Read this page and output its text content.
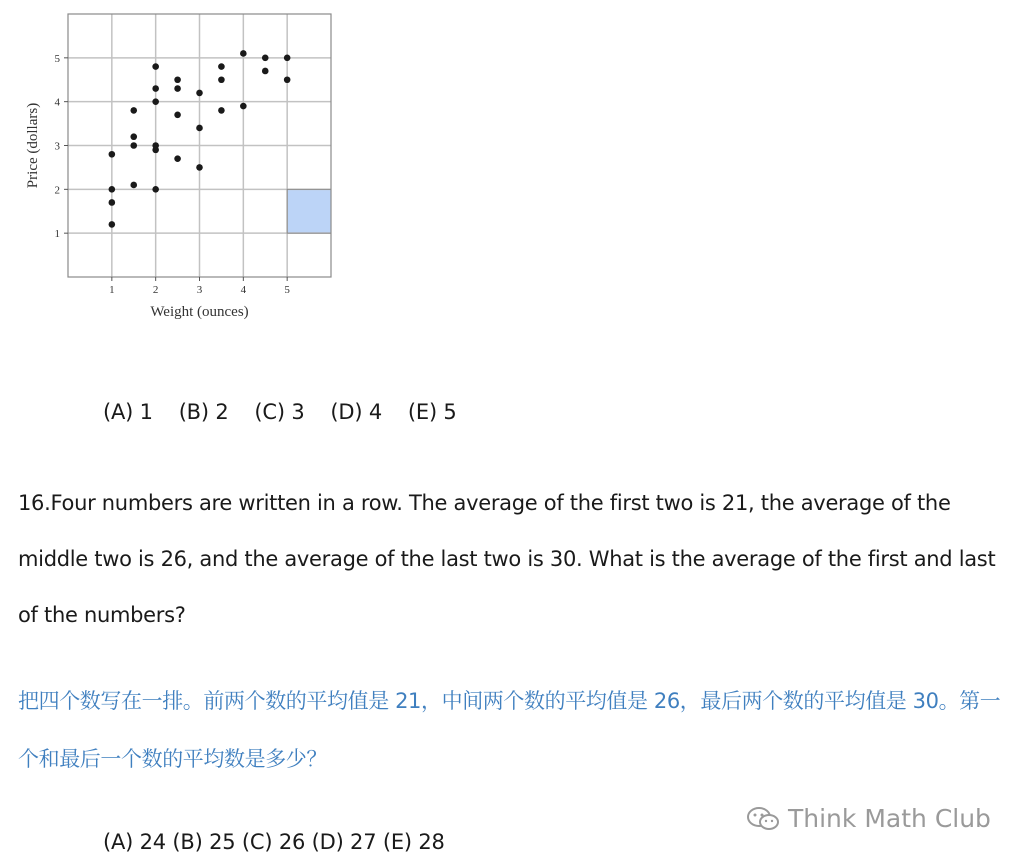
1	2	3	4	5
1
2
3
4
5
Weight (ounces)
Price (dollars)
(A) 1    (B) 2    (C) 3    (D) 4    (E) 5
16.Four numbers are written in a row. The average of the first two is 21, the average of the middle two is 26, and the average of the last two is 30. What is the average of the first and last of the numbers?
把四个数写在一排。前两个数的平均值是 21，中间两个数的平均值是 26，最后两个数的平均值是 30。第一个和最后一个数的平均数是多少？
(A) 24 (B) 25 (C) 26 (D) 27 (E) 28
Think Math Club
